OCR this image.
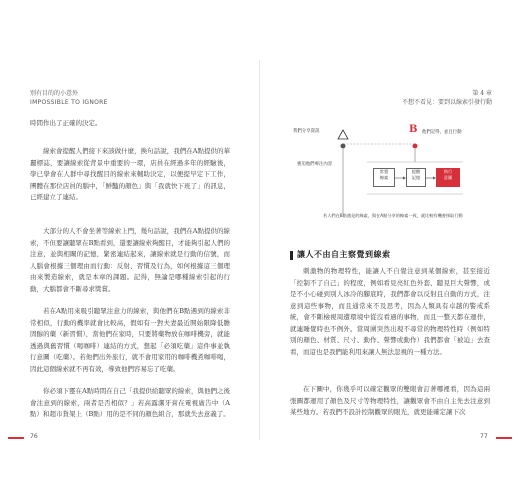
別有目的的小意外
IMPOSSIBLE TO IGNORE

時間作出了正確的決定。

線索會提醒人們接下來該做什麼，換句話說，我們在A點提供的華麗標誌，要讓線索從背景中重要的一環，店員在經過多年的經驗後，學已學會在人群中尋找醒目的線索來輔助決定，以便提早定下工作，團體在那位店員的腦中，「鮮豔的顏色」與「我就快下班了」的訊息，已經建立了連結。

大部分的人不會坐著等線索上門，幾句話說，我們在A點提供的線索，不但要讓聽眾在B點看到，還要讓線索夠醒目，才能夠引起人們的注意，並與相關的記憶，緊密連結起來，讓線索就是行動的信號，而人腦會根據三個理由而行動：反射、習慣及行為，如何根據這三個理由來製造線索，就是本章的課題。記得，無論是哪種線索引起的行動，大腦都會不斷尋求獎賞。

若在A點用來吸引聽眾注意力的線索，與他們在B點遇到的線索非常相似，行動的機率就會比較高，假如有一對夫妻最近開始限降低膽固醇的藥（新習慣），當他們在家時，只要將藥物放在咖啡機旁，就能透過與舊習慣（喝咖啡）連結的方式，想起「必須吃藥」這件事並執行意圖（吃藥）。若他們出外旅行，就不會用家用的咖啡機煮咖啡喝，因此這個線索就不再有效，導致他們容易忘了吃藥。

你必須下靈在A點時間在自己「我提供給聽眾的線索，與他們之後會注意到的線索，兩者是否相似？」若高露潔牙膏在電視廣告中（A點）和超市貨架上（B點）用的是不同的顏色組合，那就失去意義了。

76
第 4 章
不想不看見：要到以線索引發行動
77
我們分享資訊	B 他們記得，並且行動
強迫他們專注內容
常覺
線索
提醒
記憶
執行
意圖
若人們在B點遇見的線索，與在A點分享的線索一致，就比較有機會採取行動
讓人不由自主察覺到線索

刺激物的物理特性，能讓人不自覺注意到某個線索，甚至接近「控制不了自己」的程度，例如看見亮紅色外套、聽見巨大聲響，或是不小心碰到別人冰冷的腳底時，我們都會以反射且自動的方式，注意到這些事物，而且通常來不及思考，因為人類具有卓越的警戒系統，會不斷檢視周遭環境中從沒看過的事物，而且一整天都在運作，就連睡覺時也不例外。當周圍突然出現不尋常的物理特性時（例如特別的顏色、材質、尺寸、動作、聲響或動作）我們都會「被迫」去查看，而這也是我們能利用來讓人無法忽視的一種方法。

在下圖中，你幾乎可以確定觀眾的雙眼會訂著哪裡看，因為這兩張圖都運用了顏色及尺寸等物理特性，讓觀眾會不由自主先去注意到某些地方。若我們不設計控制觀眾的眼光，就更能確定讓下次
